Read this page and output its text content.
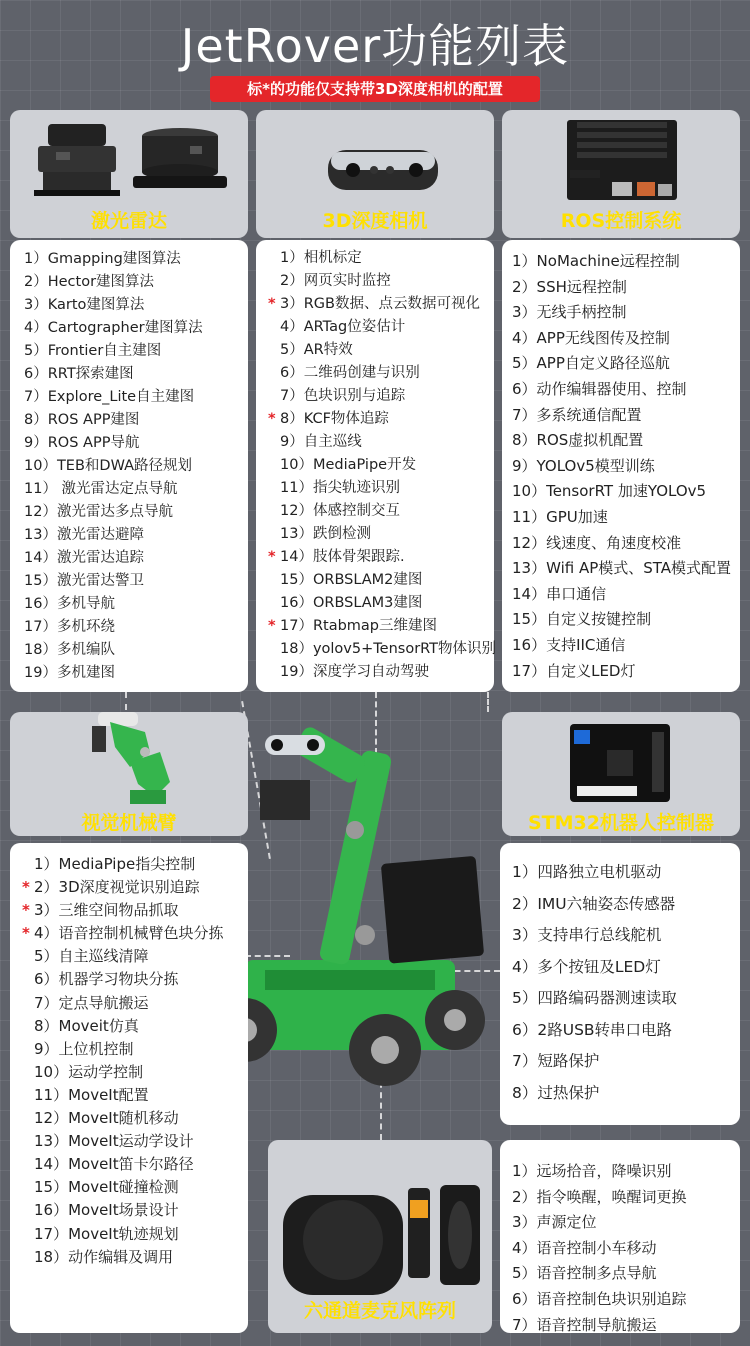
JetRover功能列表
标*的功能仅支持带3D深度相机的配置
激光雷达	3D深度相机	ROS控制系统
1）Gmapping建图算法
2）Hector建图算法
3）Karto建图算法
4）Cartographer建图算法
5）Frontier自主建图
6）RRT探索建图
7）Explore_Lite自主建图
8）ROS APP建图
9）ROS APP导航
10）TEB和DWA路径规划
11） 激光雷达定点导航
12）激光雷达多点导航
13）激光雷达避障
14）激光雷达追踪
15）激光雷达警卫
16）多机导航
17）多机环绕
18）多机编队
19）多机建图
1）相机标定
2）网页实时监控
* 3）RGB数据、点云数据可视化
4）ARTag位姿估计
5）AR特效
6）二维码创建与识别
7）色块识别与追踪
* 8）KCF物体追踪
9）自主巡线
10）MediaPipe开发
11）指尖轨迹识别
12）体感控制交互
13）跌倒检测
* 14）肢体骨架跟踪.
15）ORBSLAM2建图
16）ORBSLAM3建图
* 17）Rtabmap三维建图
18）yolov5+TensorRT物体识别
19）深度学习自动驾驶
1）NoMachine远程控制
2）SSH远程控制
3）无线手柄控制
4）APP无线图传及控制
5）APP自定义路径巡航
6）动作编辑器使用、控制
7）多系统通信配置
8）ROS虚拟机配置
9）YOLOv5模型训练
10）TensorRT 加速YOLOv5
11）GPU加速
12）线速度、角速度校准
13）Wifi AP模式、STA模式配置
14）串口通信
15）自定义按键控制
16）支持IIC通信
17）自定义LED灯
视觉机械臂	STM32机器人控制器
1）MediaPipe指尖控制
* 2）3D深度视觉识别追踪
* 3）三维空间物品抓取
* 4）语音控制机械臂色块分拣
5）自主巡线清障
6）机器学习物块分拣
7）定点导航搬运
8）Moveit仿真
9）上位机控制
10）运动学控制
11）MoveIt配置
12）MoveIt随机移动
13）MoveIt运动学设计
14）MoveIt笛卡尔路径
15）MoveIt碰撞检测
16）MoveIt场景设计
17）MoveIt轨迹规划
18）动作编辑及调用
1）四路独立电机驱动
2）IMU六轴姿态传感器
3）支持串行总线舵机
4）多个按钮及LED灯
5）四路编码器测速读取
6）2路USB转串口电路
7）短路保护
8）过热保护
六通道麦克风阵列
1）远场拾音，降噪识别
2）指令唤醒，唤醒词更换
3）声源定位
4）语音控制小车移动
5）语音控制多点导航
6）语音控制色块识别追踪
7）语音控制导航搬运
